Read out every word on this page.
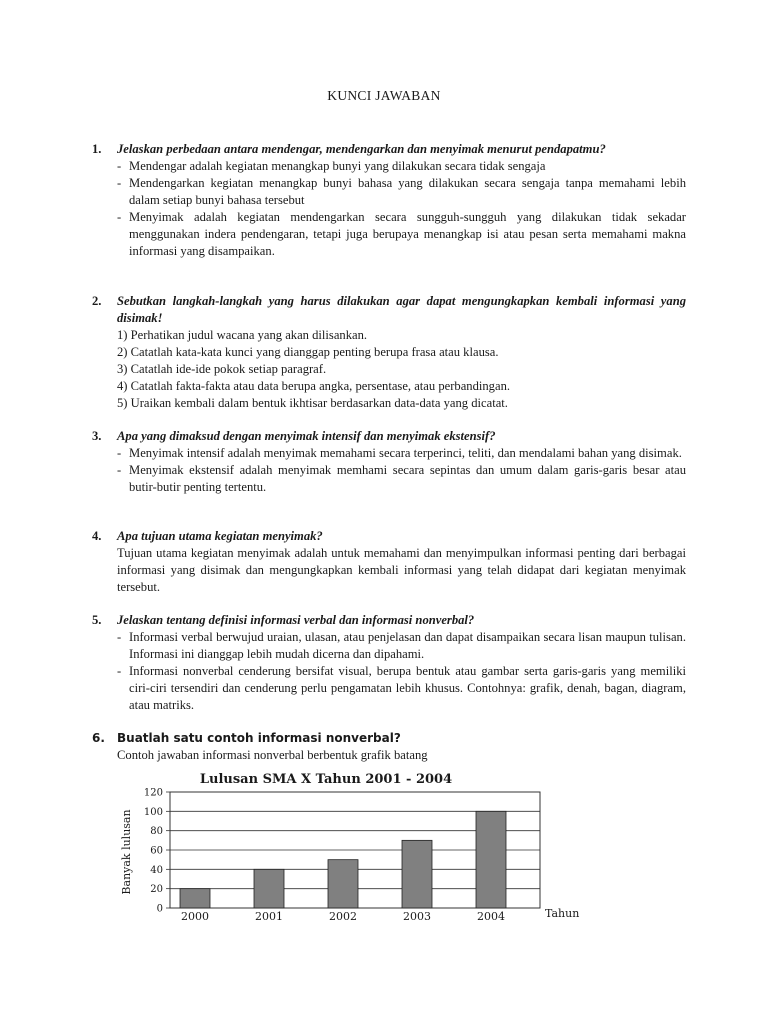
KUNCI JAWABAN
1.	Jelaskan perbedaan antara mendengar, mendengarkan dan menyimak menurut pendapatmu?
- Mendengar adalah kegiatan menangkap bunyi yang dilakukan secara tidak sengaja
- Mendengarkan kegiatan menangkap bunyi bahasa yang dilakukan secara sengaja tanpa memahami lebih dalam setiap bunyi bahasa tersebut
- Menyimak adalah kegiatan mendengarkan secara sungguh-sungguh yang dilakukan tidak sekadar menggunakan indera pendengaran, tetapi juga berupaya menangkap isi atau pesan serta memahami makna informasi yang disampaikan.
2.	Sebutkan langkah-langkah yang harus dilakukan agar dapat mengungkapkan kembali informasi yang disimak!
1) Perhatikan judul wacana yang akan dilisankan.
2) Catatlah kata-kata kunci yang dianggap penting berupa frasa atau klausa.
3) Catatlah ide-ide pokok setiap paragraf.
4) Catatlah fakta-fakta atau data berupa angka, persentase, atau perbandingan.
5) Uraikan kembali dalam bentuk ikhtisar berdasarkan data-data yang dicatat.
3.	Apa yang dimaksud dengan menyimak intensif dan menyimak ekstensif?
- Menyimak intensif adalah menyimak memahami secara terperinci, teliti, dan mendalami bahan yang disimak.
- Menyimak ekstensif adalah menyimak memhami secara sepintas dan umum dalam garis-garis besar atau butir-butir penting tertentu.
4.	Apa tujuan utama kegiatan menyimak?
Tujuan utama kegiatan menyimak adalah untuk memahami dan menyimpulkan informasi penting dari berbagai informasi yang disimak dan mengungkapkan kembali informasi yang telah didapat dari kegiatan menyimak tersebut.
5.	Jelaskan tentang definisi informasi verbal dan informasi nonverbal?
- Informasi verbal berwujud uraian, ulasan, atau penjelasan dan dapat disampaikan secara lisan maupun tulisan. Informasi ini dianggap lebih mudah dicerna dan dipahami.
- Informasi nonverbal cenderung bersifat visual, berupa bentuk atau gambar serta garis-garis yang memiliki ciri-ciri tersendiri dan cenderung perlu pengamatan lebih khusus. Contohnya: grafik, denah, bagan, diagram, atau matriks.
6.	Buatlah satu contoh informasi nonverbal?
Contoh jawaban informasi nonverbal berbentuk grafik batang
Lulusan SMA X Tahun 2001 - 2004
Banyak lulusan
Tahun
0
20
40
60
80
100
120
2000	2001	2002	2003	2004
